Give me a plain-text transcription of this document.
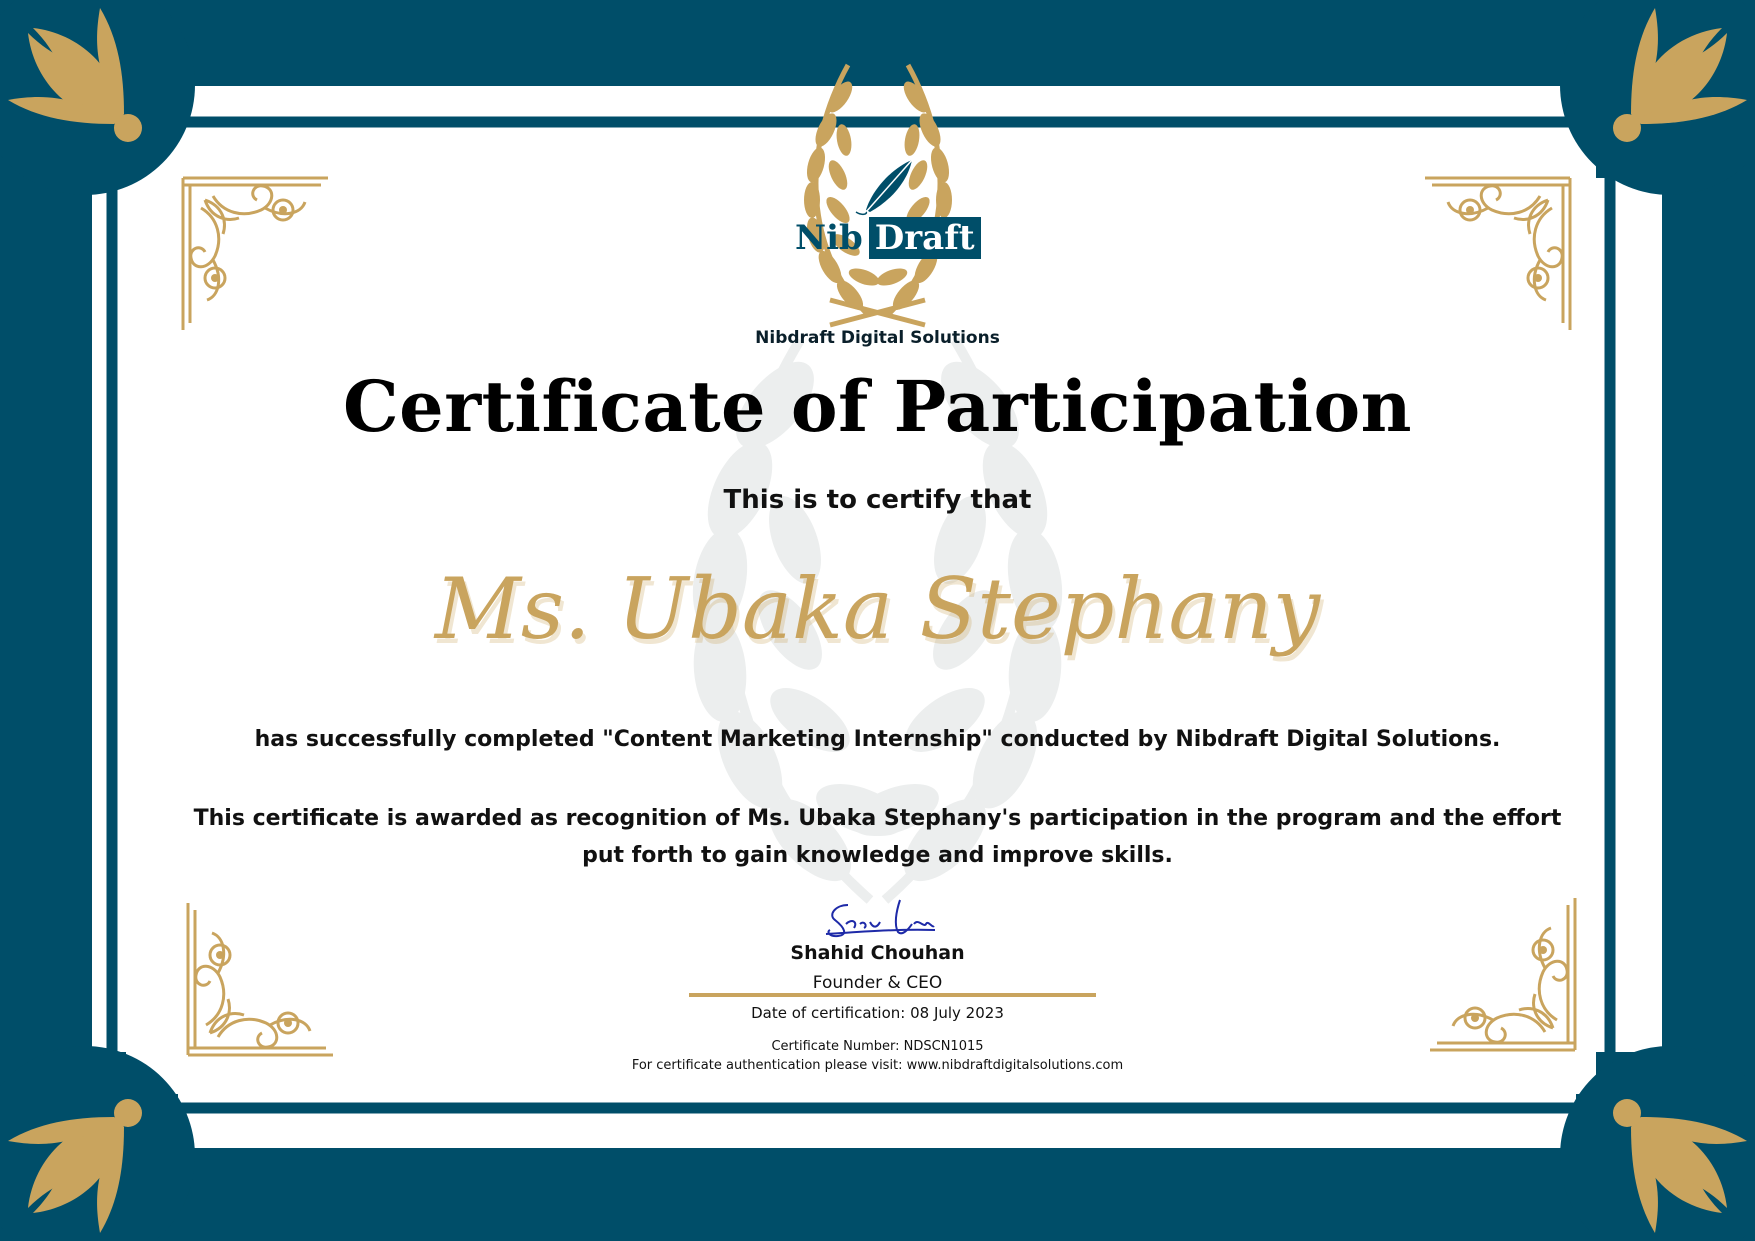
Nib Draft
Nibdraft Digital Solutions
Certificate of Participation
This is to certify that
Ms. Ubaka Stephany
has successfully completed "Content Marketing Internship" conducted by Nibdraft Digital Solutions.
This certificate is awarded as recognition of Ms. Ubaka Stephany's participation in the program and the effort put forth to gain knowledge and improve skills.
Shahid Chouhan
Founder & CEO
Date of certification: 08 July 2023
Certificate Number: NDSCN1015
For certificate authentication please visit: www.nibdraftdigitalsolutions.com
